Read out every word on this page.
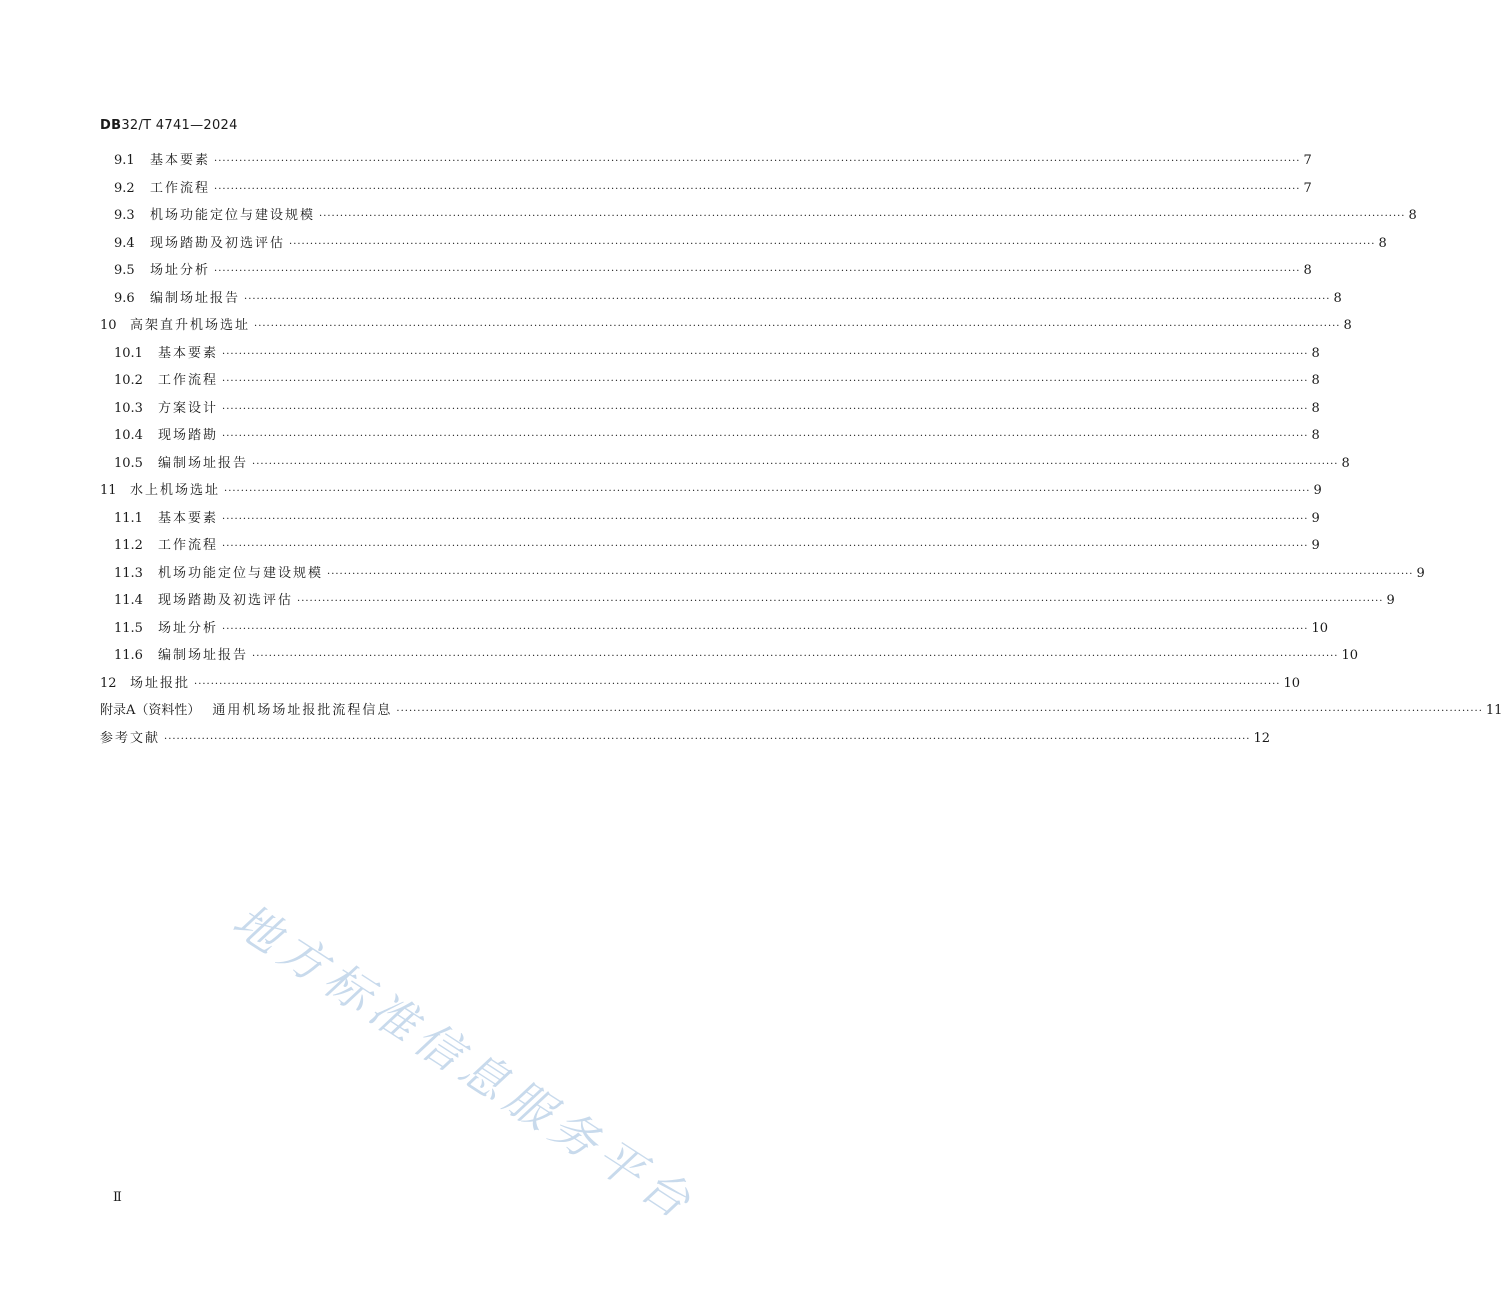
DB32/T 4741—2024
9.1	基本要素 ···································································································································································································································································· 7
9.2	工作流程 ···································································································································································································································································· 7
9.3	机场功能定位与建设规模 ···································································································································································································································································· 8
9.4	现场踏勘及初选评估 ···································································································································································································································································· 8
9.5	场址分析 ···································································································································································································································································· 8
9.6	编制场址报告 ···································································································································································································································································· 8
10	高架直升机场选址 ···································································································································································································································································· 8
10.1	基本要素 ···································································································································································································································································· 8
10.2	工作流程 ···································································································································································································································································· 8
10.3	方案设计 ···································································································································································································································································· 8
10.4	现场踏勘 ···································································································································································································································································· 8
10.5	编制场址报告 ···································································································································································································································································· 8
11	水上机场选址 ···································································································································································································································································· 9
11.1	基本要素 ···································································································································································································································································· 9
11.2	工作流程 ···································································································································································································································································· 9
11.3	机场功能定位与建设规模 ···································································································································································································································································· 9
11.4	现场踏勘及初选评估 ···································································································································································································································································· 9
11.5	场址分析 ···································································································································································································································································· 10
11.6	编制场址报告 ···································································································································································································································································· 10
12	场址报批 ···································································································································································································································································· 10
附录A（资料性） 通用机场场址报批流程信息 ···································································································································································································································································· 11
参考文献 ···································································································································································································································································· 12
地方标准信息服务平台
Ⅱ
